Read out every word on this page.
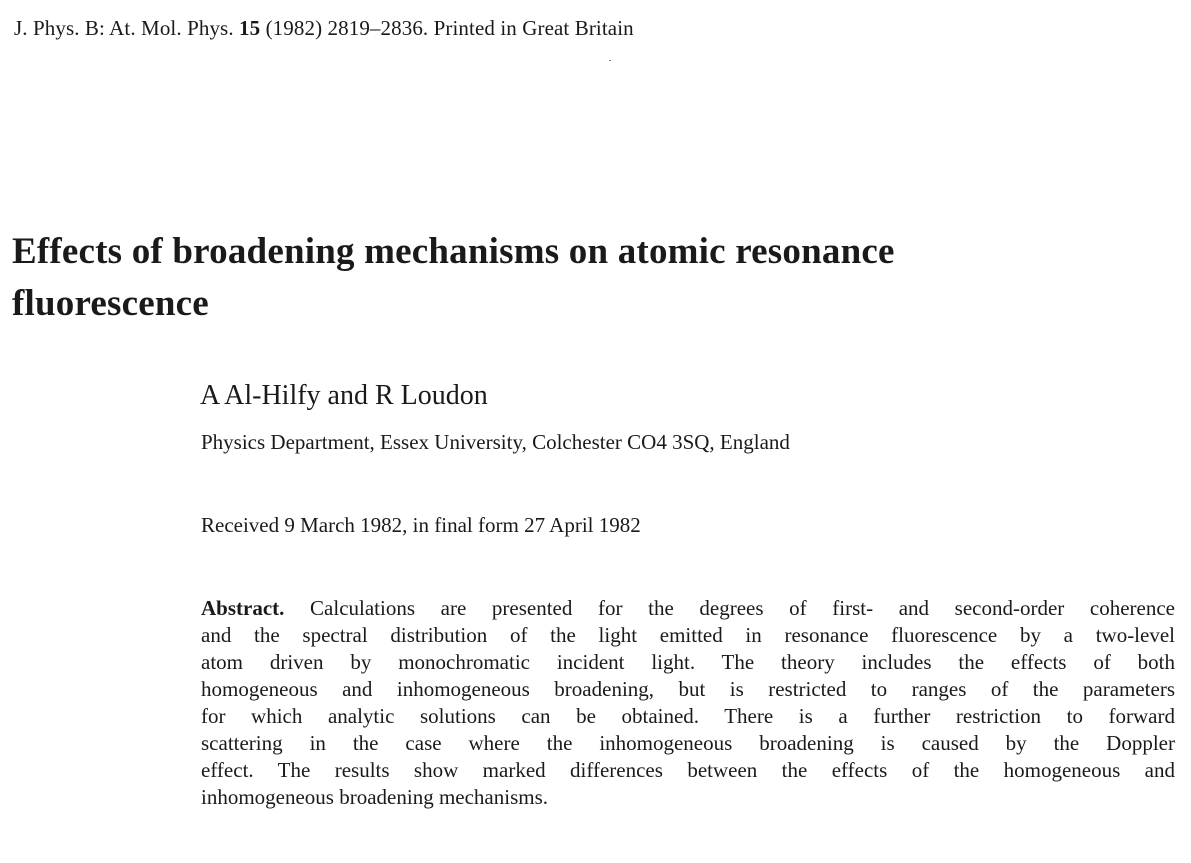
J. Phys. B: At. Mol. Phys. 15 (1982) 2819–2836. Printed in Great Britain
Effects of broadening mechanisms on atomic resonance
fluorescence
A Al-Hilfy and R Loudon
Physics Department, Essex University, Colchester CO4 3SQ, England
Received 9 March 1982, in final form 27 April 1982
Abstract. Calculations are presented for the degrees of first- and second-order coherence
and the spectral distribution of the light emitted in resonance fluorescence by a two-level
atom driven by monochromatic incident light. The theory includes the effects of both
homogeneous and inhomogeneous broadening, but is restricted to ranges of the parameters
for which analytic solutions can be obtained. There is a further restriction to forward
scattering in the case where the inhomogeneous broadening is caused by the Doppler
effect. The results show marked differences between the effects of the homogeneous and
inhomogeneous broadening mechanisms.
